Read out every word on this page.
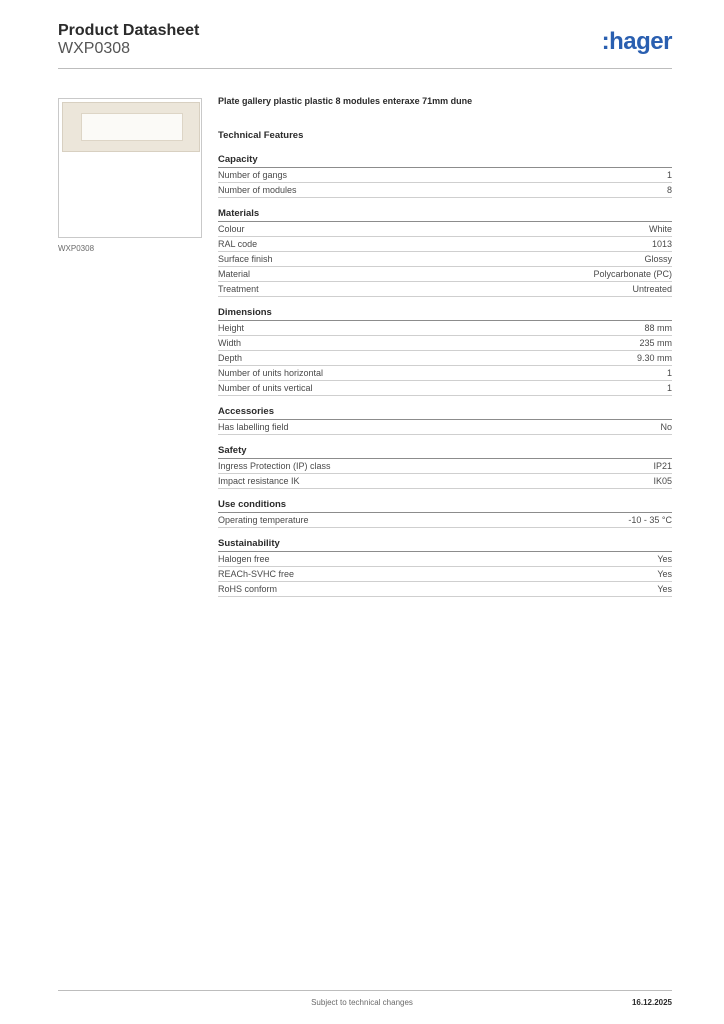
Product Datasheet
WXP0308	:hager
WXP0308
Plate gallery plastic plastic 8 modules enteraxe 71mm dune
Technical Features
Capacity
Number of gangs	1
Number of modules	8
Materials
Colour	White
RAL code	1013
Surface finish	Glossy
Material	Polycarbonate (PC)
Treatment	Untreated
Dimensions
Height	88 mm
Width	235 mm
Depth	9.30 mm
Number of units horizontal	1
Number of units vertical	1
Accessories
Has labelling field	No
Safety
Ingress Protection (IP) class	IP21
Impact resistance IK	IK05
Use conditions
Operating temperature	-10 - 35 °C
Sustainability
Halogen free	Yes
REACh-SVHC free	Yes
RoHS conform	Yes
Subject to technical changes	16.12.2025
